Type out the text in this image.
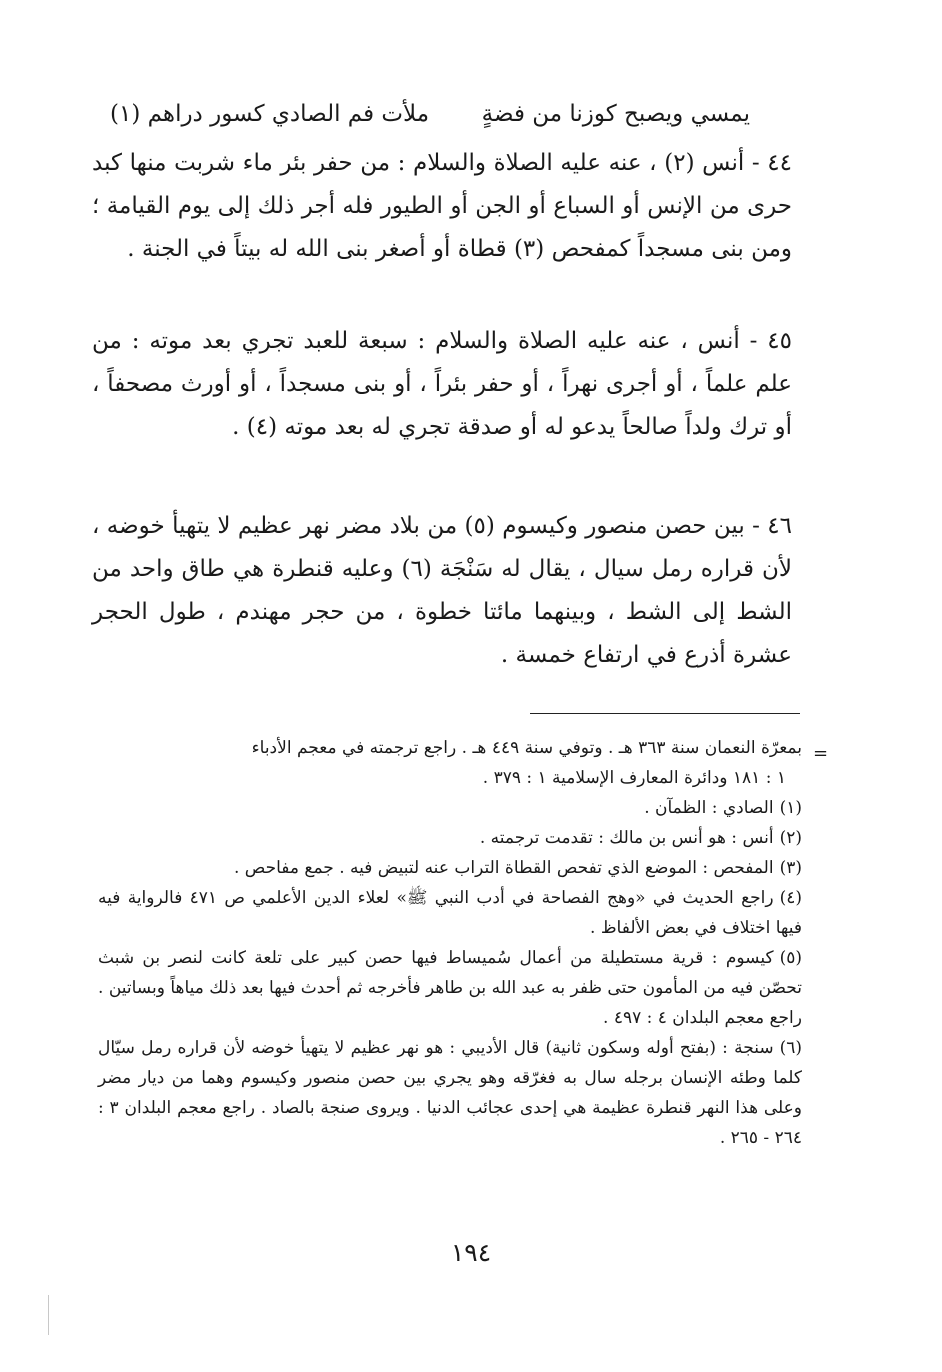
يمسي ويصبح كوزنا من فضةٍ
ملأت فم الصادي كسور دراهم (١)

٤٤ - أنس (٢) ، عنه عليه الصلاة والسلام : من حفر بئر ماء شربت منها كبد حرى من الإنس أو السباع أو الجن أو الطيور فله أجر ذلك إلى يوم القيامة ؛ ومن بنى مسجداً كمفحص (٣) قطاة أو أصغر بنى الله له بيتاً في الجنة .

٤٥ - أنس ، عنه عليه الصلاة والسلام : سبعة للعبد تجري بعد موته : من علم علماً ، أو أجرى نهراً ، أو حفر بئراً ، أو بنى مسجداً ، أو أورث مصحفاً ، أو ترك ولداً صالحاً يدعو له أو صدقة تجري له بعد موته (٤) .

٤٦ - بين حصن منصور وكيسوم (٥) من بلاد مضر نهر عظيم لا يتهيأ خوضه ، لأن قراره رمل سيال ، يقال له سَنْجَة (٦) وعليه قنطرة هي طاق واحد من الشط إلى الشط ، وبينهما مائتا خطوة ، من حجر مهندم ، طول الحجر عشرة أذرع في ارتفاع خمسة .

=

بمعرّة النعمان سنة ٣٦٣ هـ . وتوفي سنة ٤٤٩ هـ . راجع ترجمته في معجم الأدباء

١ : ١٨١ ودائرة المعارف الإسلامية ١ : ٣٧٩ .

(١)الصادي : الظمآن .

(٢)أنس : هو أنس بن مالك : تقدمت ترجمته .

(٣)المفحص : الموضع الذي تفحص القطاة التراب عنه لتبيض فيه . جمع مفاحص .

(٤)راجع الحديث في «وهج الفصاحة في أدب النبي ﷺ» لعلاء الدين الأعلمي ص ٤٧١ فالرواية فيه فيها اختلاف في بعض الألفاظ .

(٥)كيسوم : قرية مستطيلة من أعمال سُميساط فيها حصن كبير على تلعة كانت لنصر بن شبث تحصّن فيه من المأمون حتى ظفر به عبد الله بن طاهر فأخرجه ثم أحدث فيها بعد ذلك مياهاً وبساتين . راجع معجم البلدان ٤ : ٤٩٧ .

(٦)سنجة : (بفتح أوله وسكون ثانية) قال الأديبي : هو نهر عظيم لا يتهيأ خوضه لأن قراره رمل سيّال كلما وطئه الإنسان برجله سال به فغرّقه وهو يجري بين حصن منصور وكيسوم وهما من ديار مضر وعلى هذا النهر قنطرة عظيمة هي إحدى عجائب الدنيا . ويروى صنجة بالصاد . راجع معجم البلدان ٣ : ٢٦٤ - ٢٦٥ .

١٩٤
